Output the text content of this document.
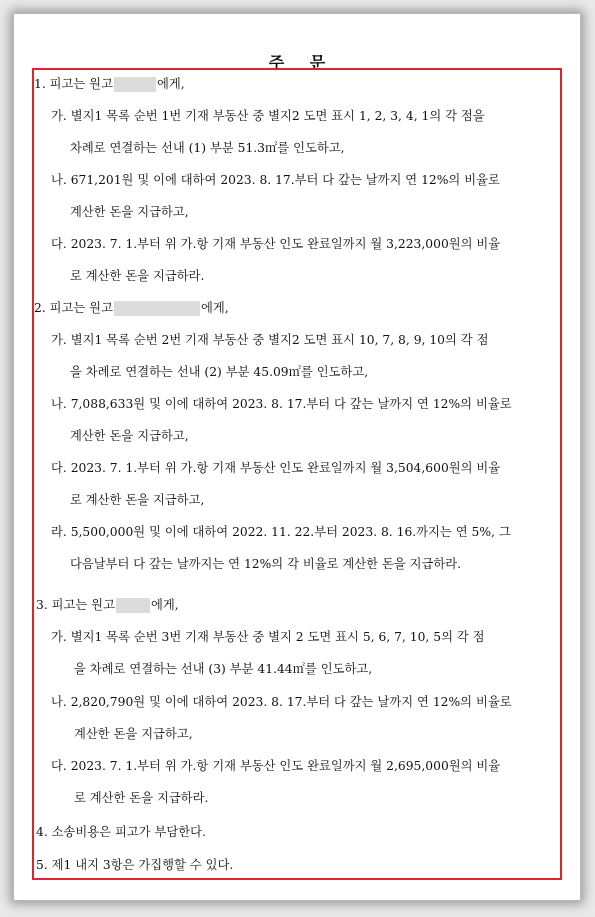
주 문
1. 피고는 원고	에게,
가. 별지1 목록 순번 1번 기재 부동산 중 별지2 도면 표시 1, 2, 3, 4, 1의 각 점을
차례로 연결하는 선내 (1) 부분 51.3㎡를 인도하고,
나. 671,201원 및 이에 대하여 2023. 8. 17.부터 다 갚는 날까지 연 12%의 비율로
계산한 돈을 지급하고,
다. 2023. 7. 1.부터 위 가.항 기재 부동산 인도 완료일까지 월 3,223,000원의 비율
로 계산한 돈을 지급하라.
2. 피고는 원고	에게,
가. 별지1 목록 순번 2번 기재 부동산 중 별지2 도면 표시 10, 7, 8, 9, 10의 각 점
을 차례로 연결하는 선내 (2) 부분 45.09㎡를 인도하고,
나. 7,088,633원 및 이에 대하여 2023. 8. 17.부터 다 갚는 날까지 연 12%의 비율로
계산한 돈을 지급하고,
다. 2023. 7. 1.부터 위 가.항 기재 부동산 인도 완료일까지 월 3,504,600원의 비율
로 계산한 돈을 지급하고,
라. 5,500,000원 및 이에 대하여 2022. 11. 22.부터 2023. 8. 16.까지는 연 5%, 그
다음날부터 다 갚는 날까지는 연 12%의 각 비율로 계산한 돈을 지급하라.
3. 피고는 원고	에게,
가. 별지1 목록 순번 3번 기재 부동산 중 별지 2 도면 표시 5, 6, 7, 10, 5의 각 점
을 차례로 연결하는 선내 (3) 부분 41.44㎡를 인도하고,
나. 2,820,790원 및 이에 대하여 2023. 8. 17.부터 다 갚는 날까지 연 12%의 비율로
계산한 돈을 지급하고,
다. 2023. 7. 1.부터 위 가.항 기재 부동산 인도 완료일까지 월 2,695,000원의 비율
로 계산한 돈을 지급하라.
4. 소송비용은 피고가 부담한다.
5. 제1 내지 3항은 가집행할 수 있다.
